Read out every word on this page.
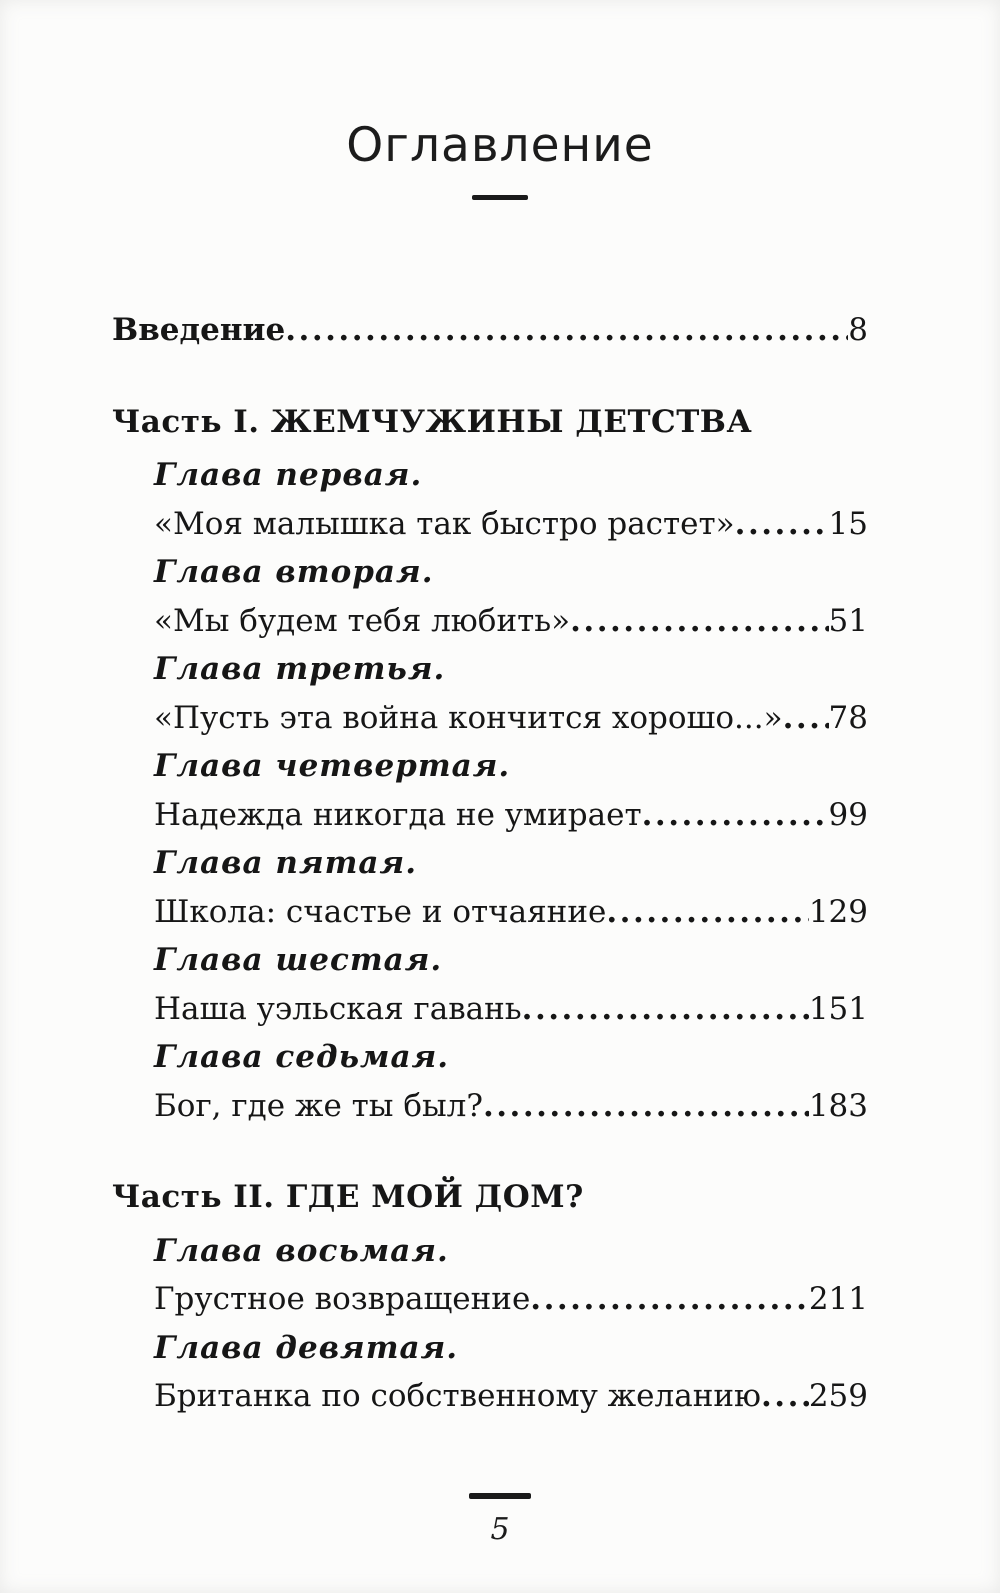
Оглавление
Введение .....	8
Часть I. ЖЕМЧУЖИНЫ ДЕТСТВА
Глава первая.
«Моя малышка так быстро растет» .....	15
Глава вторая.
«Мы будем тебя любить» .....	51
Глава третья.
«Пусть эта война кончится хорошо...» ..... 78
Глава четвертая.
Надежда никогда не умирает .....	99
Глава пятая.
Школа: счастье и отчаяние .....	129
Глава шестая.
Наша уэльская гавань .....	151
Глава седьмая.
Бог, где же ты был? .....	183
Часть II. ГДЕ МОЙ ДОМ?
Глава восьмая.
Грустное возвращение .....	211
Глава девятая.
Британка по собственному желанию ..... 259
5
